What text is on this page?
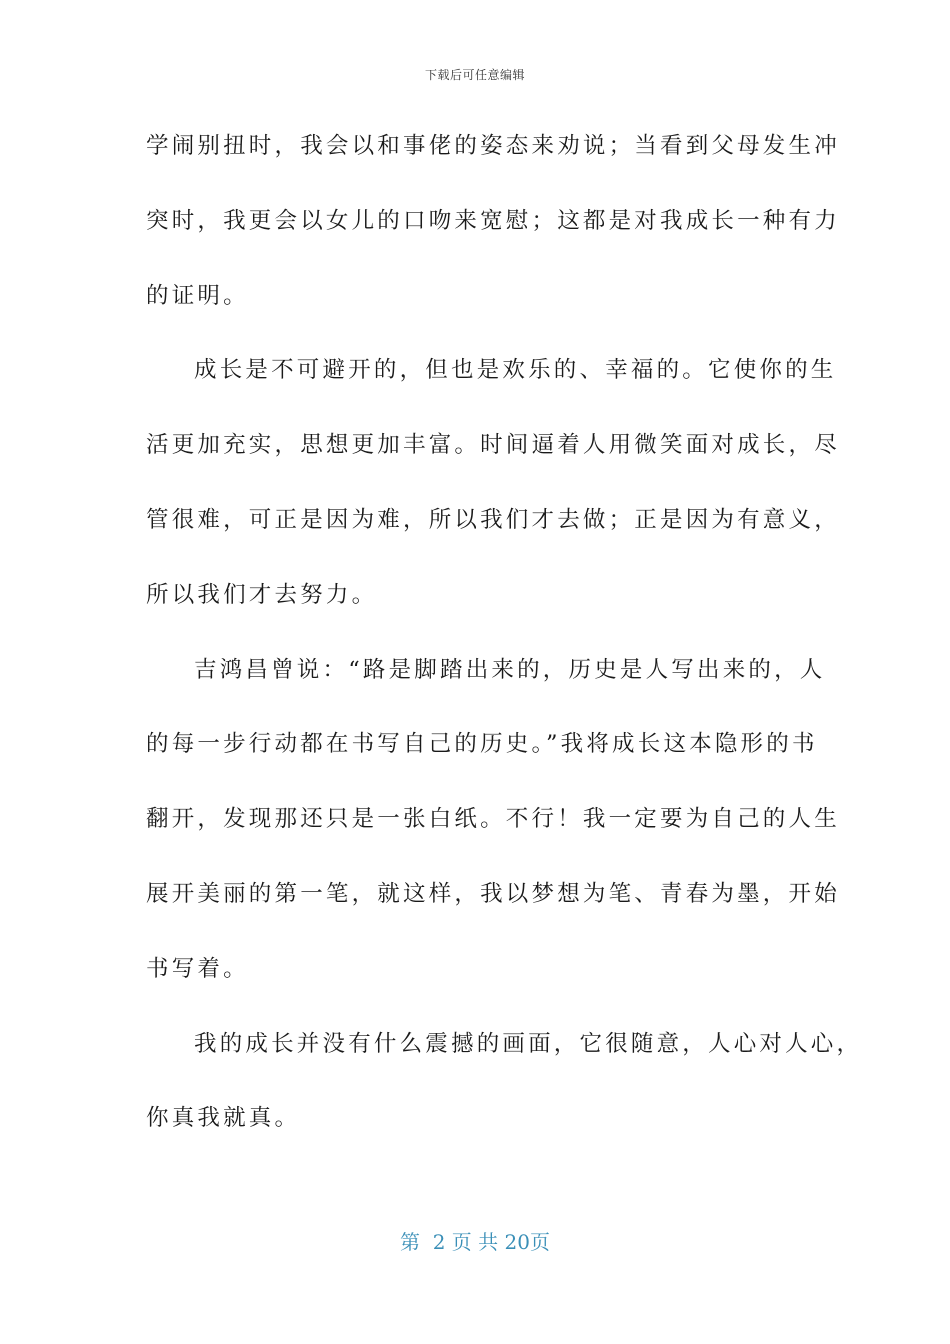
下载后可任意编辑
学闹别扭时，我会以和事佬的姿态来劝说；当看到父母发生冲
突时，我更会以女儿的口吻来宽慰；这都是对我成长一种有力
的证明。
成长是不可避开的，但也是欢乐的、幸福的。它使你的生
活更加充实，思想更加丰富。时间逼着人用微笑面对成长，尽
管很难，可正是因为难，所以我们才去做；正是因为有意义，
所以我们才去努力。
吉鸿昌曾说：“路是脚踏出来的，历史是人写出来的，人
的每一步行动都在书写自己的历史。”我将成长这本隐形的书
翻开，发现那还只是一张白纸。不行！我一定要为自己的人生
展开美丽的第一笔，就这样，我以梦想为笔、青春为墨，开始
书写着。
我的成长并没有什么震撼的画面，它很随意，人心对人心，
你真我就真。
第  2 页 共 20页
